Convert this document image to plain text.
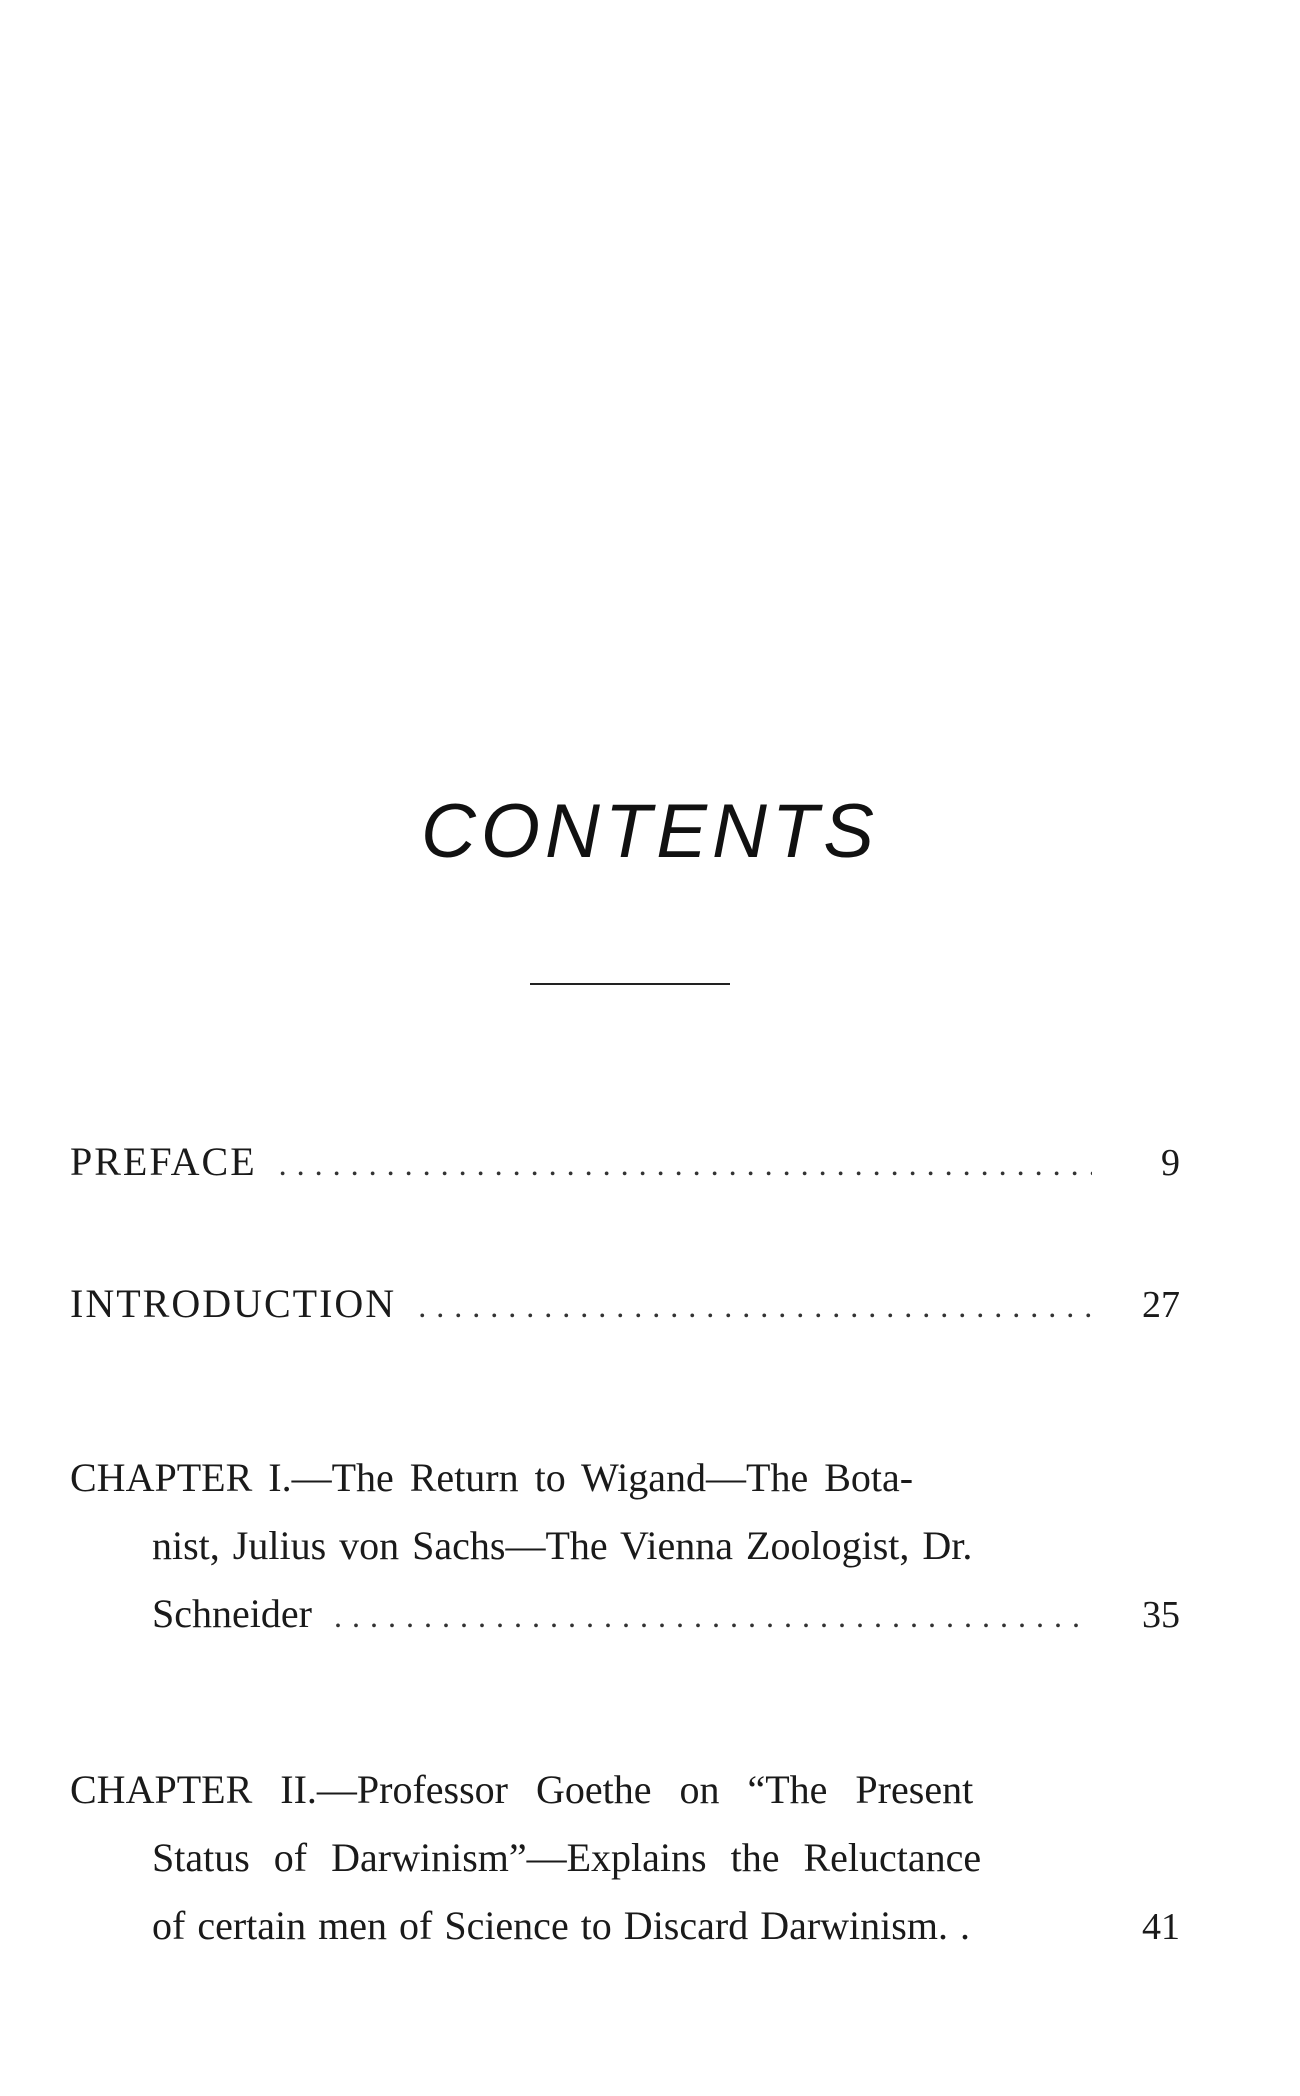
CONTENTS
PREFACE . . .	9
INTRODUCTION . . .	27
CHAPTER I.—The Return to Wigand—The Bota-
nist, Julius von Sachs—The Vienna Zoologist, Dr.
Schneider . . .	35
CHAPTER II.—Professor Goethe on “The Present
Status of Darwinism”—Explains the Reluctance
of certain men of Science to Discard Darwinism. .	41
